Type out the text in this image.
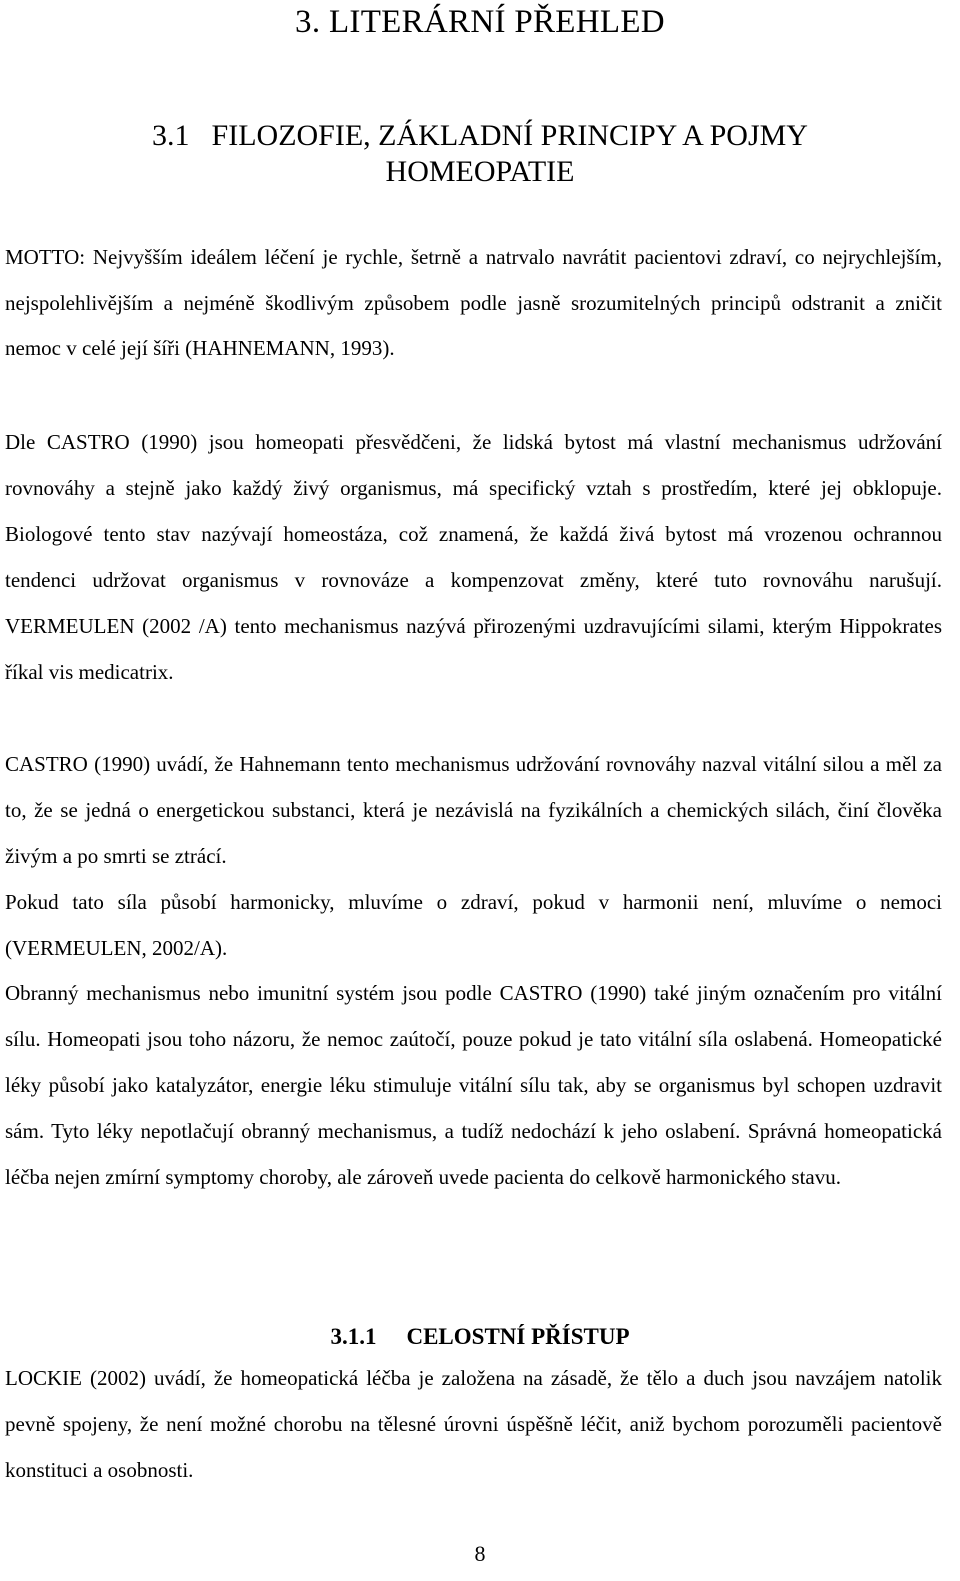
3. LITERÁRNÍ PŘEHLED
3.1 FILOZOFIE, ZÁKLADNÍ PRINCIPY A POJMY HOMEOPATIE
MOTTO: Nejvyšším ideálem léčení je rychle, šetrně a natrvalo navrátit pacientovi zdraví, co nejrychlejším, nejspolehlivějším a nejméně škodlivým způsobem podle jasně srozumitelných principů odstranit a zničit nemoc v celé její šíři (HAHNEMANN, 1993).
Dle CASTRO (1990) jsou homeopati přesvědčeni, že lidská bytost má vlastní mechanismus udržování rovnováhy a stejně jako každý živý organismus, má specifický vztah s prostředím, které jej obklopuje. Biologové tento stav nazývají homeostáza, což znamená, že každá živá bytost má vrozenou ochrannou tendenci udržovat organismus v rovnováze a kompenzovat změny, které tuto rovnováhu narušují. VERMEULEN (2002 /A) tento mechanismus nazývá přirozenými uzdravujícími silami, kterým Hippokrates říkal vis medicatrix.
CASTRO (1990) uvádí, že Hahnemann tento mechanismus udržování rovnováhy nazval vitální silou a měl za to, že se jedná o energetickou substanci, která je nezávislá na fyzikálních a chemických silách, činí člověka živým a po smrti se ztrácí.
Pokud tato síla působí harmonicky, mluvíme o zdraví, pokud v harmonii není, mluvíme o nemoci (VERMEULEN, 2002/A).
Obranný mechanismus nebo imunitní systém jsou podle CASTRO (1990) také jiným označením pro vitální sílu. Homeopati jsou toho názoru, že nemoc zaútočí, pouze pokud je tato vitální síla oslabená. Homeopatické léky působí jako katalyzátor, energie léku stimuluje vitální sílu tak, aby se organismus byl schopen uzdravit sám. Tyto léky nepotlačují obranný mechanismus, a tudíž nedochází k jeho oslabení. Správná homeopatická léčba nejen zmírní symptomy choroby, ale zároveň uvede pacienta do celkově harmonického stavu.
3.1.1 CELOSTNÍ PŘÍSTUP
LOCKIE (2002) uvádí, že homeopatická léčba je založena na zásadě, že tělo a duch jsou navzájem natolik pevně spojeny, že není možné chorobu na tělesné úrovni úspěšně léčit, aniž bychom porozuměli pacientově konstituci a osobnosti.
8
